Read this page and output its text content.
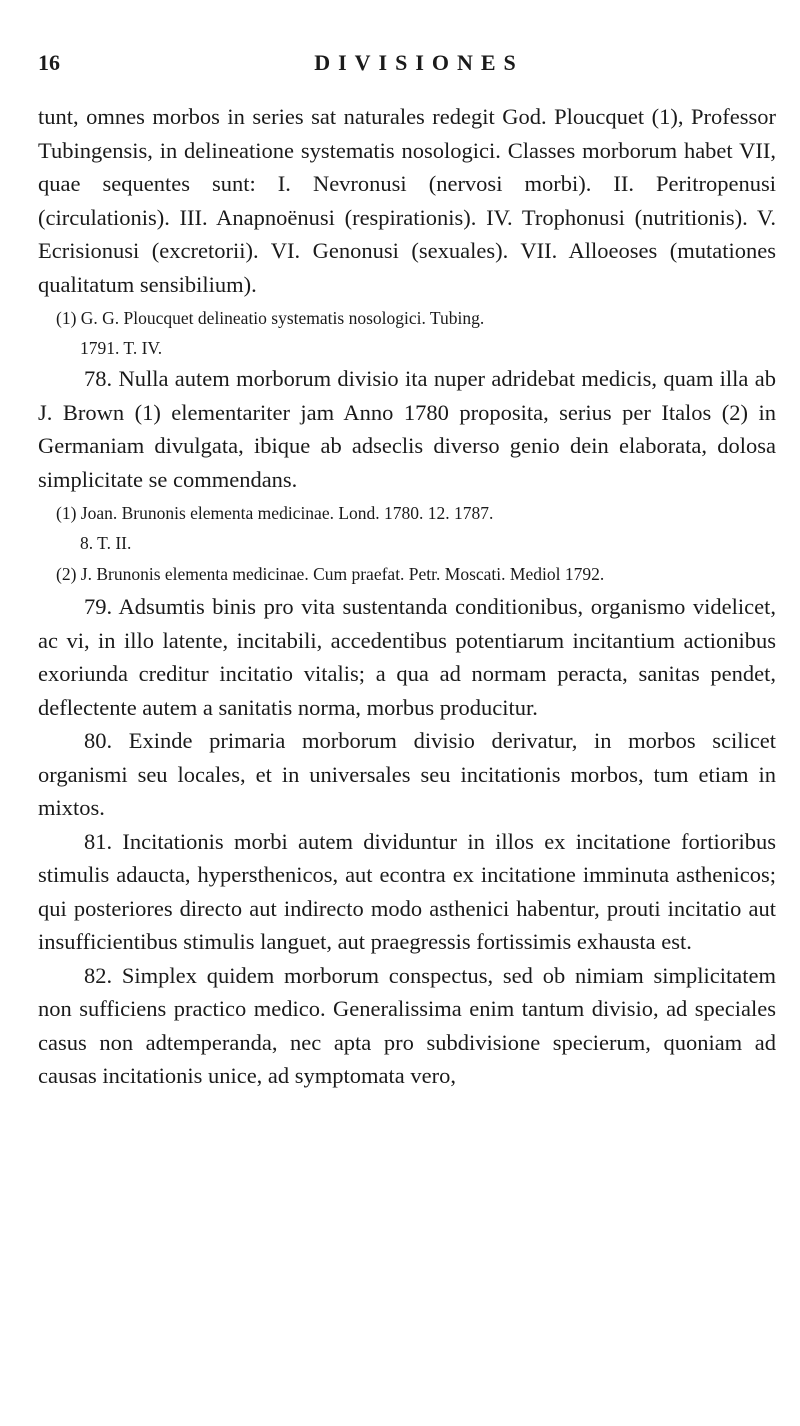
16	DIVISIONES

tunt, omnes morbos in series sat naturales redegit God. Ploucquet (1), Professor Tubingensis, in delineatione systematis nosologici. Classes morborum habet VII, quae sequentes sunt: I. Nevronusi (nervosi morbi). II. Peritropenusi (circulationis). III. Anapnoënusi (respirationis). IV. Trophonusi (nutritionis). V. Ecrisionusi (excretorii). VI. Genonusi (sexuales). VII. Alloeoses (mutationes qualitatum sensibilium).

(1) G. G. Ploucquet delineatio systematis nosologici. Tubing.

1791. T. IV.

78. Nulla autem morborum divisio ita nuper adridebat medicis, quam illa ab J. Brown (1) elementariter jam Anno 1780 proposita, serius per Italos (2) in Germaniam divulgata, ibique ab adseclis diverso genio dein elaborata, dolosa simplicitate se commendans.

(1) Joan. Brunonis elementa medicinae. Lond. 1780. 12. 1787.

8. T. II.

(2) J. Brunonis elementa medicinae. Cum praefat. Petr. Moscati. Mediol 1792.

79. Adsumtis binis pro vita sustentanda conditionibus, organismo videlicet, ac vi, in illo latente, incitabili, accedentibus potentiarum incitantium actionibus exoriunda creditur incitatio vitalis; a qua ad normam peracta, sanitas pendet, deflectente autem a sanitatis norma, morbus producitur.

80. Exinde primaria morborum divisio derivatur, in morbos scilicet organismi seu locales, et in universales seu incitationis morbos, tum etiam in mixtos.

81. Incitationis morbi autem dividuntur in illos ex incitatione fortioribus stimulis adaucta, hypersthenicos, aut econtra ex incitatione imminuta asthenicos; qui posteriores directo aut indirecto modo asthenici habentur, prouti incitatio aut insufficientibus stimulis languet, aut praegressis fortissimis exhausta est.

82. Simplex quidem morborum conspectus, sed ob nimiam simplicitatem non sufficiens practico medico. Generalissima enim tantum divisio, ad speciales casus non adtemperanda, nec apta pro subdivisione specierum, quoniam ad causas incitationis unice, ad symptomata vero,
